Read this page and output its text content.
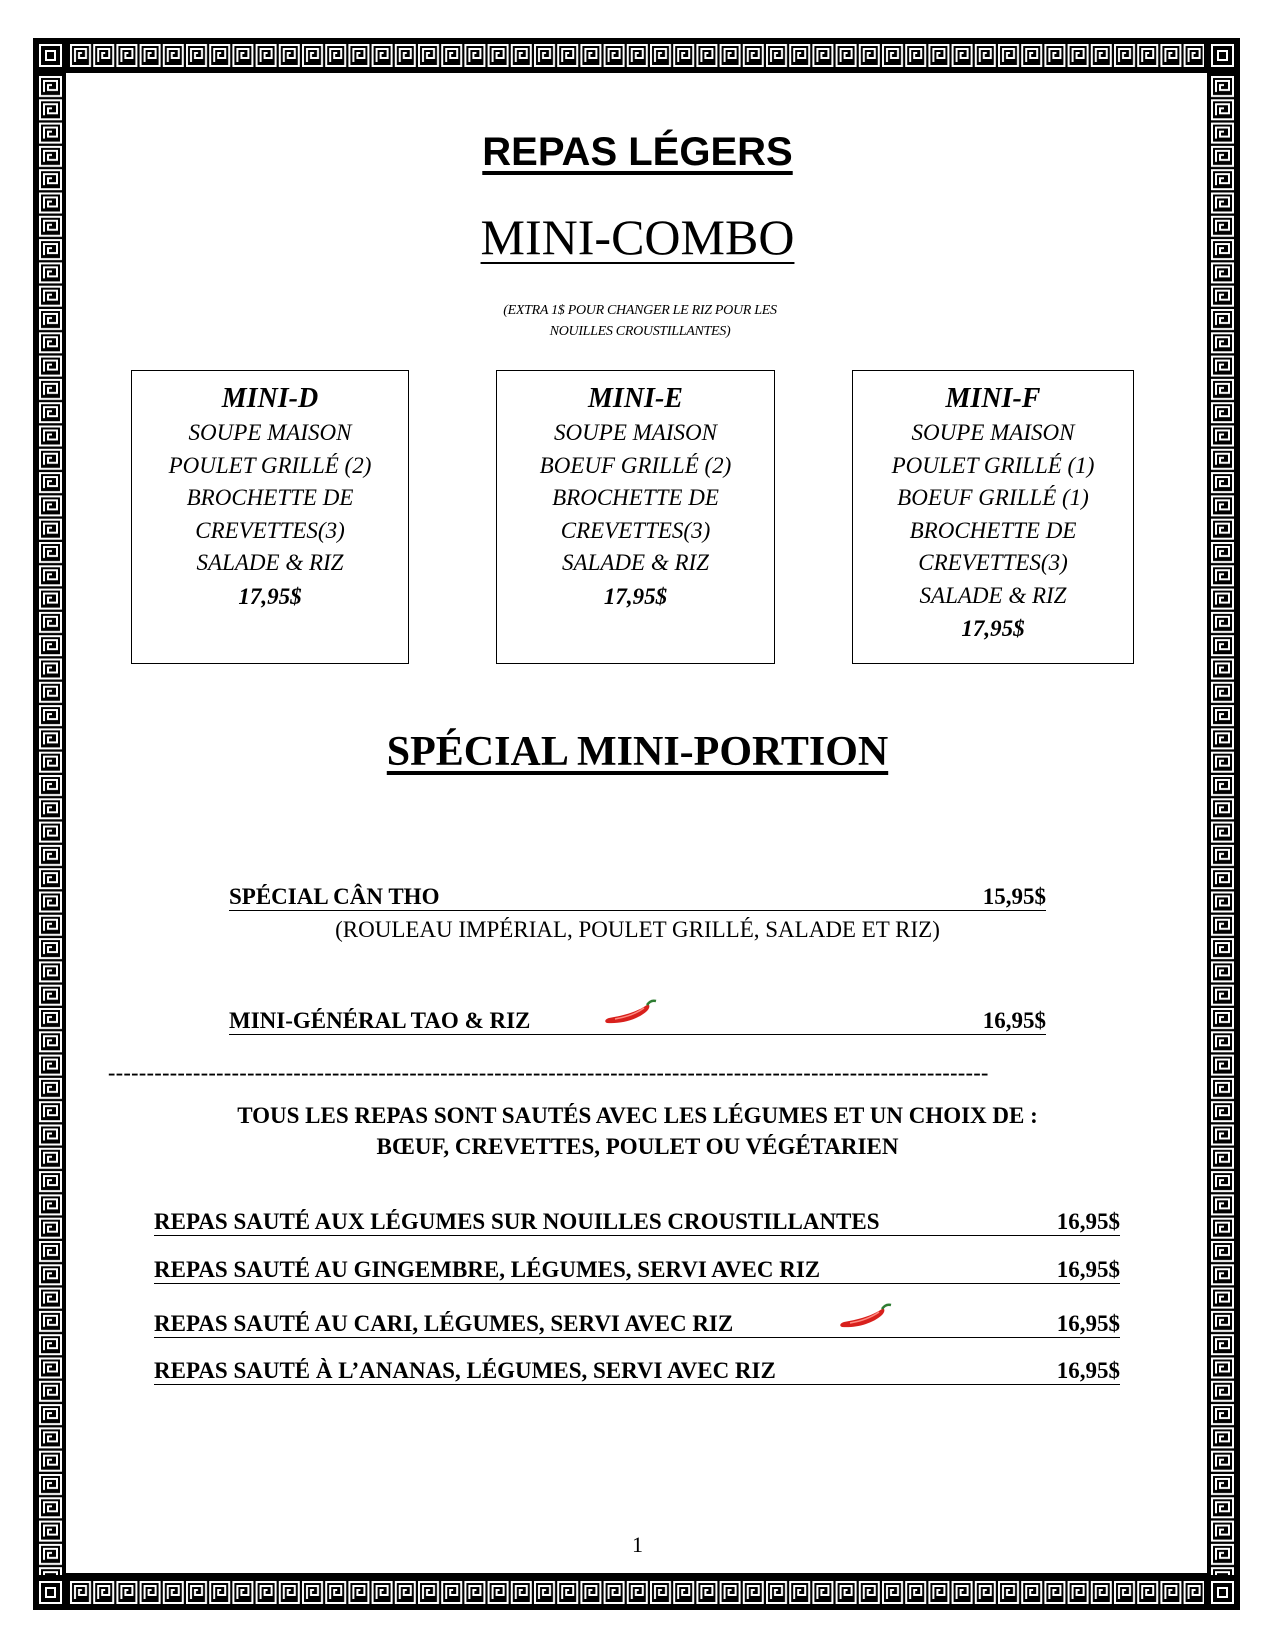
REPAS LÉGERS
MINI-COMBO
(EXTRA 1$ POUR CHANGER LE RIZ POUR LES
NOUILLES CROUSTILLANTES)
MINI-D
SOUPE MAISON
POULET GRILLÉ (2)
BROCHETTE DE
CREVETTES(3)
SALADE & RIZ
17,95$
MINI-E
SOUPE MAISON
BOEUF GRILLÉ (2)
BROCHETTE DE
CREVETTES(3)
SALADE & RIZ
17,95$
MINI-F
SOUPE MAISON
POULET GRILLÉ (1)
BOEUF GRILLÉ (1)
BROCHETTE DE
CREVETTES(3)
SALADE & RIZ
17,95$
SPÉCIAL MINI-PORTION
SPÉCIAL CÂN THO	15,95$
(ROULEAU IMPÉRIAL, POULET GRILLÉ, SALADE ET RIZ)
MINI-GÉNÉRAL TAO & RIZ	16,95$
------------------------------------------------------------------------------------------------------------------
TOUS LES REPAS SONT SAUTÉS AVEC LES LÉGUMES ET UN CHOIX DE :
BŒUF, CREVETTES, POULET OU VÉGÉTARIEN
REPAS SAUTÉ AUX LÉGUMES SUR NOUILLES CROUSTILLANTES	16,95$
REPAS SAUTÉ AU GINGEMBRE, LÉGUMES, SERVI AVEC RIZ	16,95$
REPAS SAUTÉ AU CARI, LÉGUMES, SERVI AVEC RIZ	16,95$
REPAS SAUTÉ À L’ANANAS, LÉGUMES, SERVI AVEC RIZ	16,95$
1
